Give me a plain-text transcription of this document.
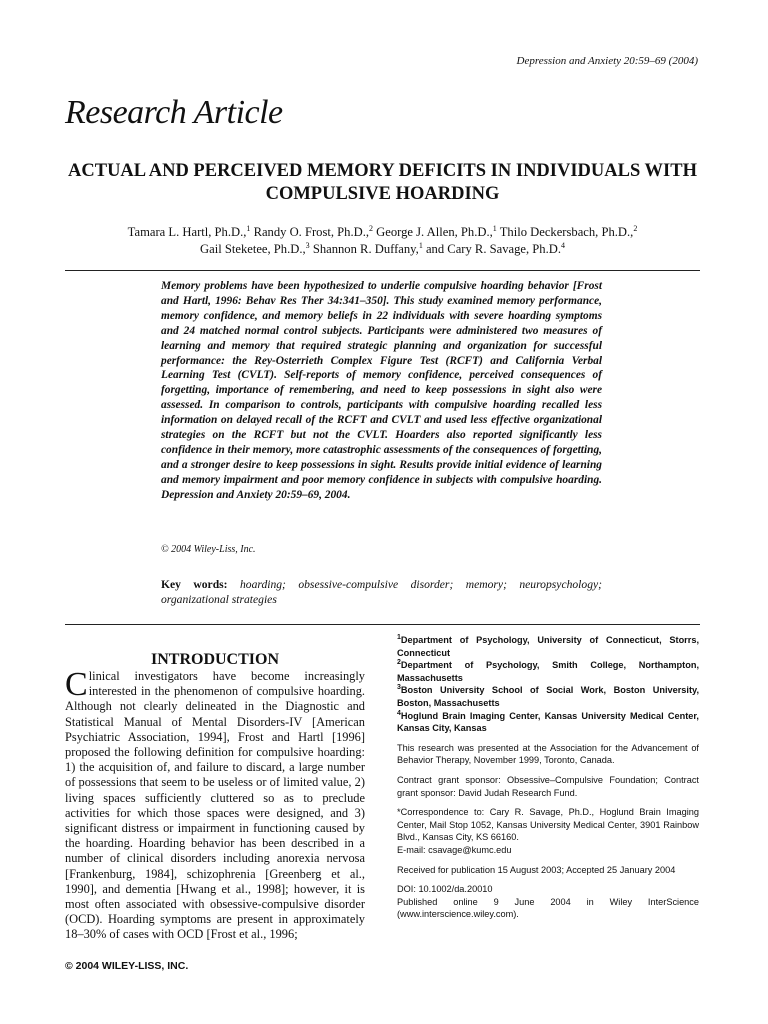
Depression and Anxiety 20:59–69 (2004)
Research Article
ACTUAL AND PERCEIVED MEMORY DEFICITS IN INDIVIDUALS WITH COMPULSIVE HOARDING
Tamara L. Hartl, Ph.D.,$^1$ Randy O. Frost, Ph.D.,$^2$ George J. Allen, Ph.D.,$^1$ Thilo Deckersbach, Ph.D.,$^2$
Gail Steketee, Ph.D.,$^3$ Shannon R. Duffany,$^1$ and Cary R. Savage, Ph.D.$^4$
Memory problems have been hypothesized to underlie compulsive hoarding behavior [Frost and Hartl, 1996: Behav Res Ther 34:341–350]. This study examined memory performance, memory confidence, and memory beliefs in 22 individuals with severe hoarding symptoms and 24 matched normal control subjects. Participants were administered two measures of learning and memory that required strategic planning and organization for successful performance: the Rey-Osterrieth Complex Figure Test (RCFT) and California Verbal Learning Test (CVLT). Self-reports of memory confidence, perceived consequences of forgetting, importance of remembering, and need to keep possessions in sight also were assessed. In comparison to controls, participants with compulsive hoarding recalled less information on delayed recall of the RCFT and CVLT and used less effective organizational strategies on the RCFT but not the CVLT. Hoarders also reported significantly less confidence in their memory, more catastrophic assessments of the consequences of forgetting, and a stronger desire to keep possessions in sight. Results provide initial evidence of learning and memory impairment and poor memory confidence in subjects with compulsive hoarding. Depression and Anxiety 20:59–69, 2004.
© 2004 Wiley-Liss, Inc.
Key words: hoarding; obsessive-compulsive disorder; memory; neuropsychology; organizational strategies
INTRODUCTION
Clinical investigators have become increasingly interested in the phenomenon of compulsive hoarding. Although not clearly delineated in the Diagnostic and Statistical Manual of Mental Disorders-IV [American Psychiatric Association, 1994], Frost and Hartl [1996] proposed the following definition for compulsive hoarding: 1) the acquisition of, and failure to discard, a large number of possessions that seem to be useless or of limited value, 2) living spaces sufficiently cluttered so as to preclude activities for which those spaces were designed, and 3) significant distress or impairment in functioning caused by the hoarding. Hoarding behavior has been described in a number of clinical disorders including anorexia nervosa [Frankenburg, 1984], schizophrenia [Greenberg et al., 1990], and dementia [Hwang et al., 1998]; however, it is most often associated with obsessive-compulsive disorder (OCD). Hoarding symptoms are present in approximately 18–30% of cases with OCD [Frost et al., 1996;
© 2004 WILEY-LISS, INC.
$^1$Department of Psychology, University of Connecticut, Storrs, Connecticut
$^2$Department of Psychology, Smith College, Northampton, Massachusetts
$^3$Boston University School of Social Work, Boston University, Boston, Massachusetts
$^4$Hoglund Brain Imaging Center, Kansas University Medical Center, Kansas City, Kansas
This research was presented at the Association for the Advancement of Behavior Therapy, November 1999, Toronto, Canada.
Contract grant sponsor: Obsessive–Compulsive Foundation; Contract grant sponsor: David Judah Research Fund.
*Correspondence to: Cary R. Savage, Ph.D., Hoglund Brain Imaging Center, Mail Stop 1052, Kansas University Medical Center, 3901 Rainbow Blvd., Kansas City, KS 66160.
E-mail: csavage@kumc.edu
Received for publication 15 August 2003; Accepted 25 January 2004
DOI: 10.1002/da.20010
Published online 9 June 2004 in Wiley InterScience (www.interscience.wiley.com).
